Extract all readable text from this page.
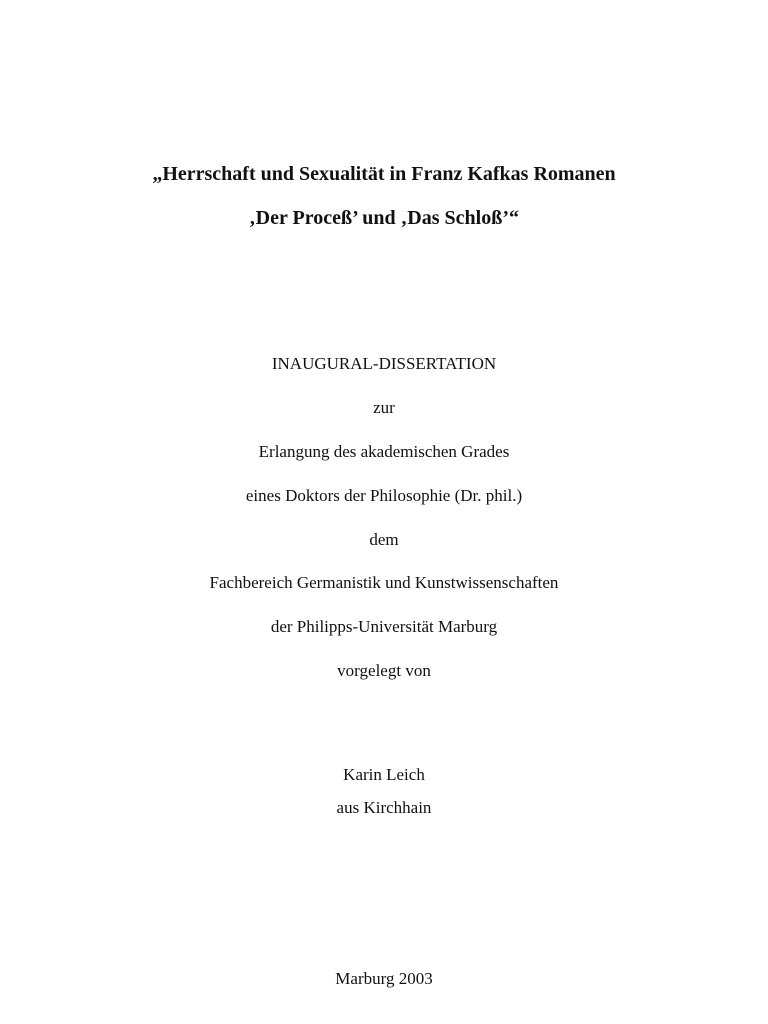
„Herrschaft und Sexualität in Franz Kafkas Romanen
‚Der Proceß’ und ‚Das Schloß’“
INAUGURAL-DISSERTATION
zur
Erlangung des akademischen Grades
eines Doktors der Philosophie (Dr. phil.)
dem
Fachbereich Germanistik und Kunstwissenschaften
der Philipps-Universität Marburg
vorgelegt von
Karin Leich
aus Kirchhain
Marburg 2003
